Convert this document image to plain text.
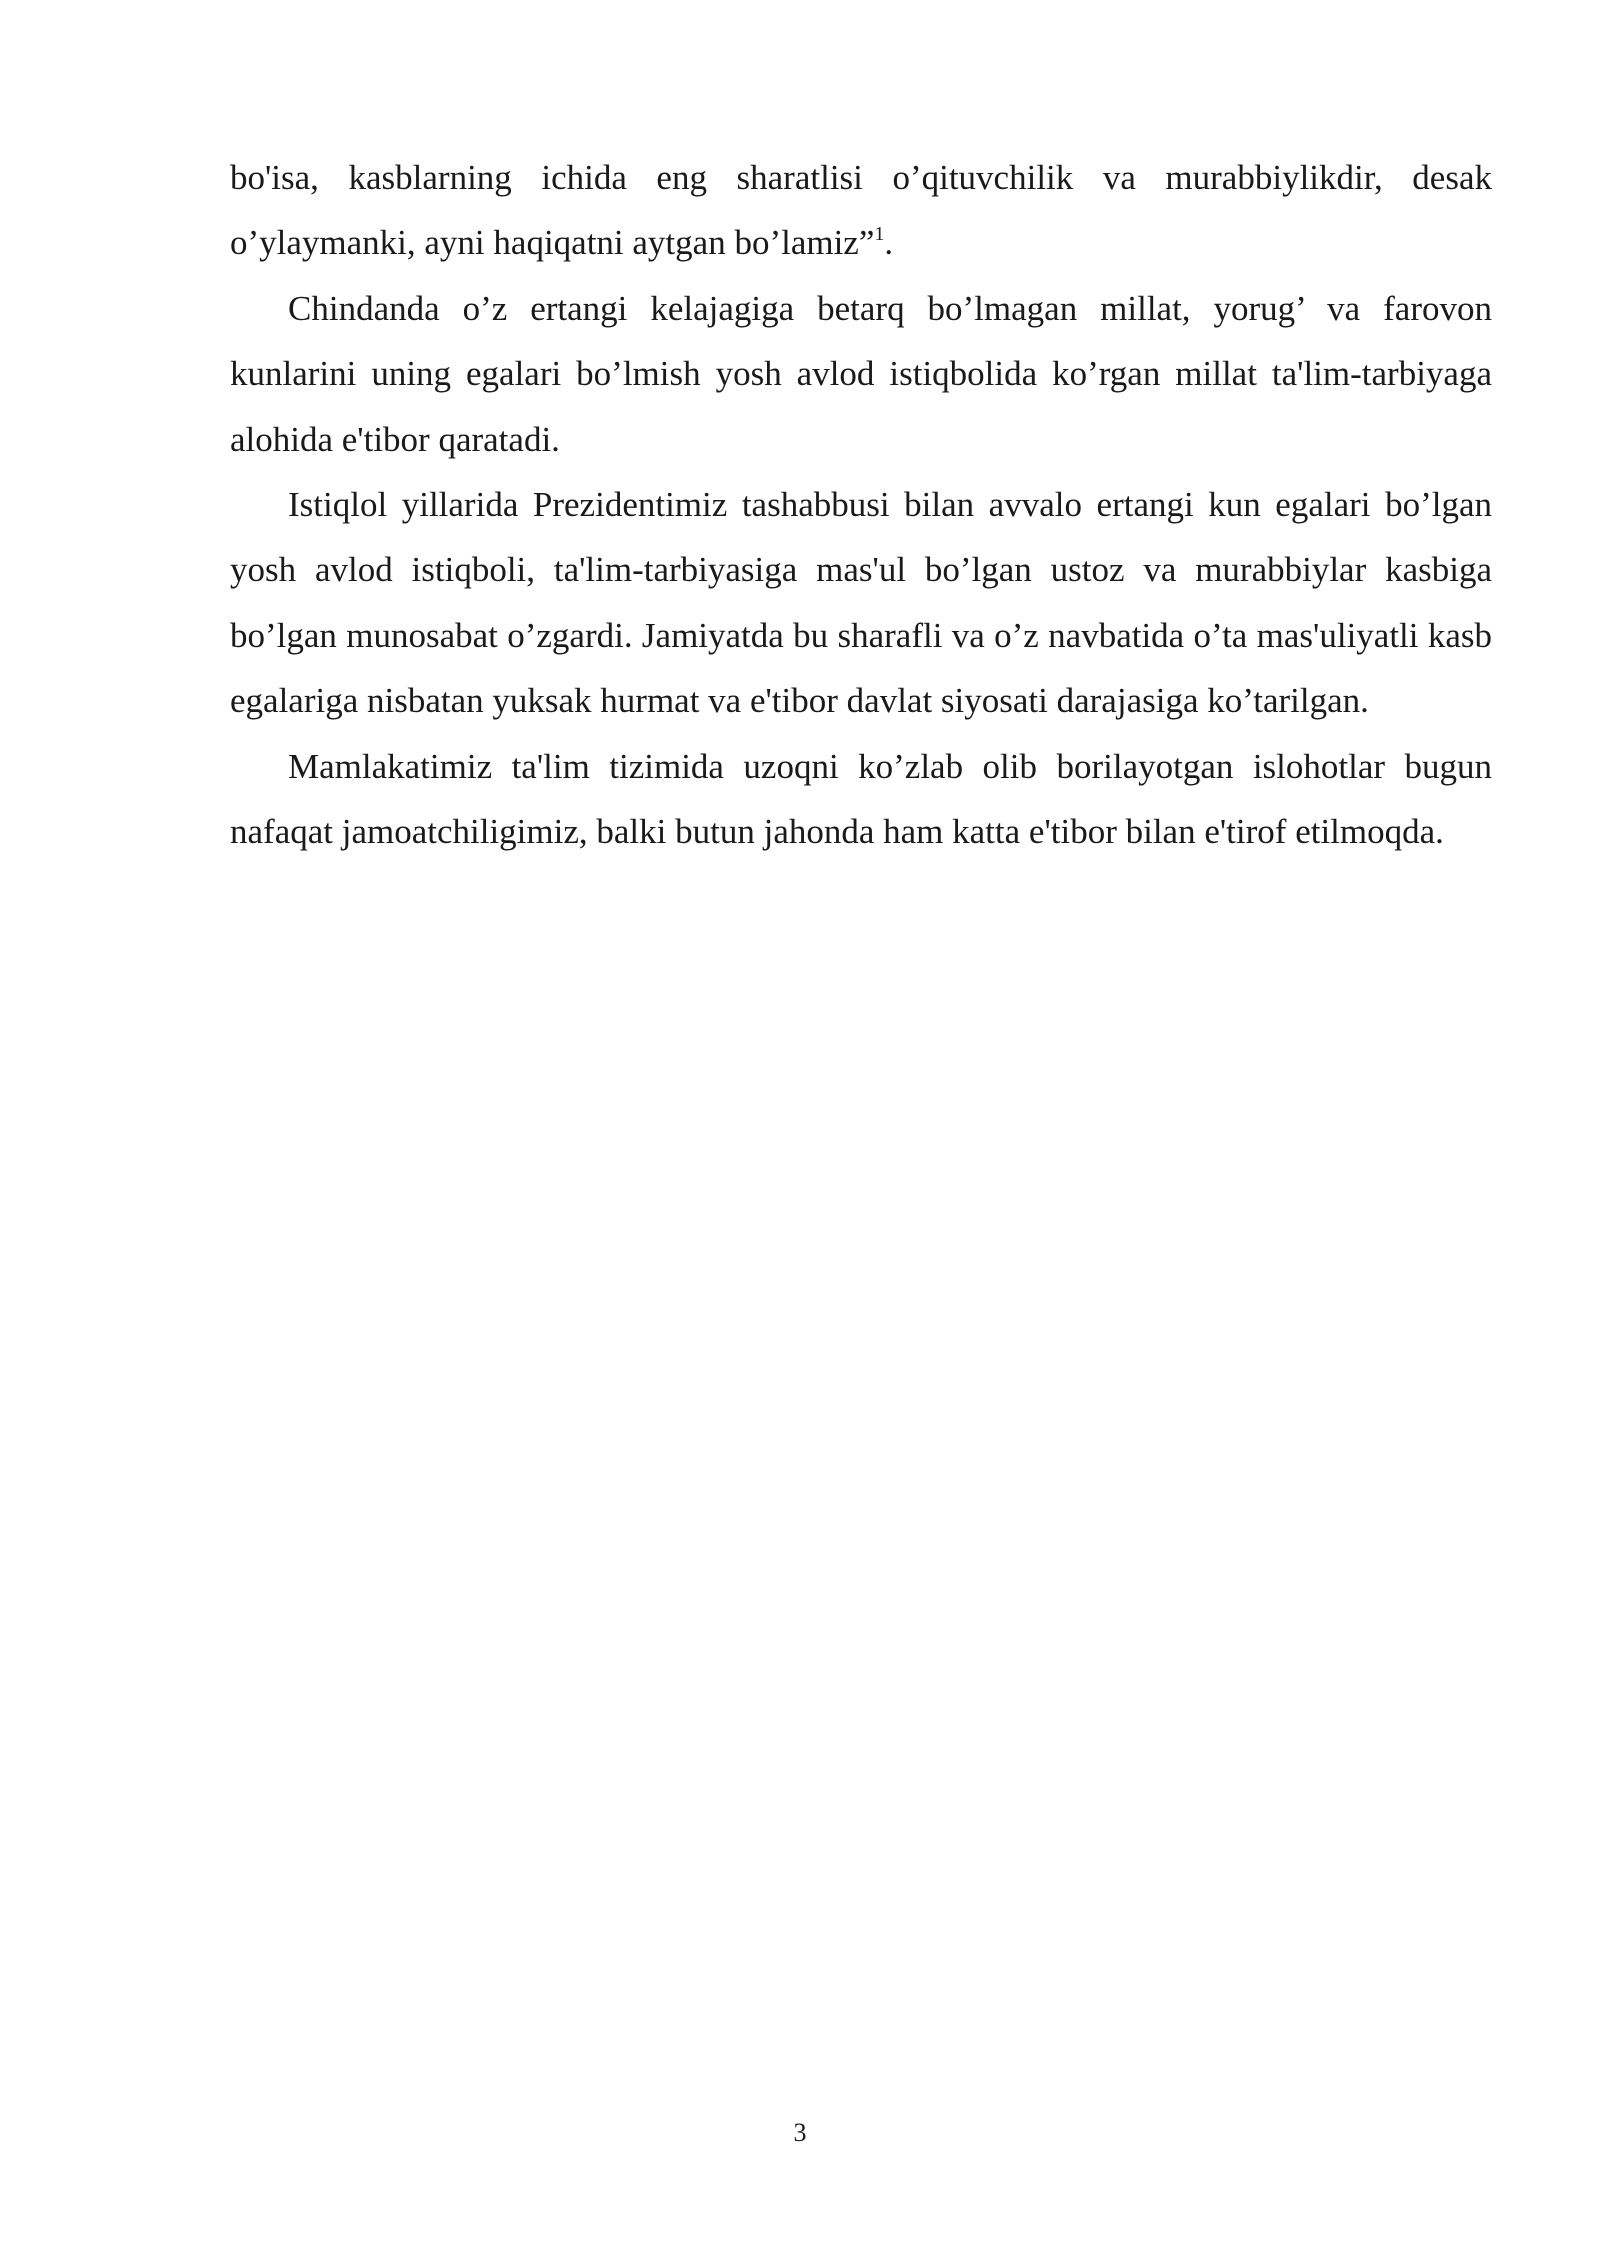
bo'isa, kasblarning ichida eng sharatlisi o’qituvchilik va murabbiylikdir, desak o’ylaymanki, ayni haqiqatni aytgan bo’lamiz”$^1$.

Chindanda o’z ertangi kelajagiga betarq bo’lmagan millat, yorug’ va farovon kunlarini uning egalari bo’lmish yosh avlod istiqbolida ko’rgan millat ta'lim-tarbiyaga alohida e'tibor qaratadi.

Istiqlol yillarida Prezidentimiz tashabbusi bilan avvalo ertangi kun egalari bo’lgan yosh avlod istiqboli, ta'lim-tarbiyasiga mas'ul bo’lgan ustoz va murabbiylar kasbiga bo’lgan munosabat o’zgardi. Jamiyatda bu sharafli va o’z navbatida o’ta mas'uliyatli kasb egalariga nisbatan yuksak hurmat va e'tibor davlat siyosati darajasiga ko’tarilgan.

Mamlakatimiz ta'lim tizimida uzoqni ko’zlab olib borilayotgan islohotlar bugun nafaqat jamoatchiligimiz, balki butun jahonda ham katta e'tibor bilan e'tirof etilmoqda.

3
